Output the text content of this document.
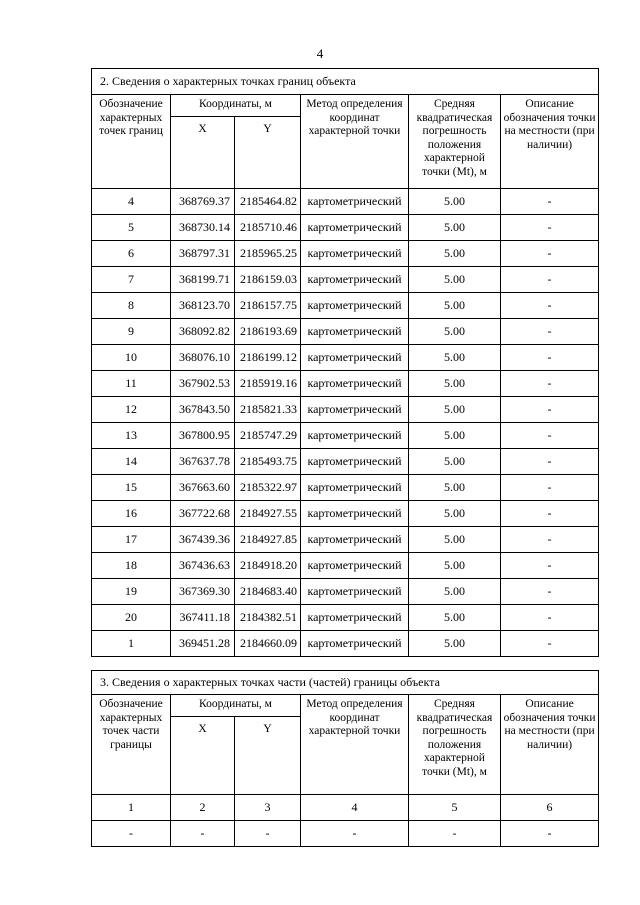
4
2. Сведения о характерных точках границ объекта					
Обозначение характерных точек границ	Координаты, м		Метод определения координат характерной точки	Средняя квадратическая погрешность положения характерной точки (Mt), м	Описание обозначения точки на местности (при наличии)
	X	Y			
4	368769.37	2185464.82	картометрический	5.00	-
5	368730.14	2185710.46	картометрический	5.00	-
6	368797.31	2185965.25	картометрический	5.00	-
7	368199.71	2186159.03	картометрический	5.00	-
8	368123.70	2186157.75	картометрический	5.00	-
9	368092.82	2186193.69	картометрический	5.00	-
10	368076.10	2186199.12	картометрический	5.00	-
11	367902.53	2185919.16	картометрический	5.00	-
12	367843.50	2185821.33	картометрический	5.00	-
13	367800.95	2185747.29	картометрический	5.00	-
14	367637.78	2185493.75	картометрический	5.00	-
15	367663.60	2185322.97	картометрический	5.00	-
16	367722.68	2184927.55	картометрический	5.00	-
17	367439.36	2184927.85	картометрический	5.00	-
18	367436.63	2184918.20	картометрический	5.00	-
19	367369.30	2184683.40	картометрический	5.00	-
20	367411.18	2184382.51	картометрический	5.00	-
1	369451.28	2184660.09	картометрический	5.00	-
3. Сведения о характерных точках части (частей) границы объекта					
Обозначение характерных точек части границы	Координаты, м		Метод определения координат характерной точки	Средняя квадратическая погрешность положения характерной точки (Mt), м	Описание обозначения точки на местности (при наличии)
	X	Y			
1	2	3	4	5	6
-	-	-	-	-	-
